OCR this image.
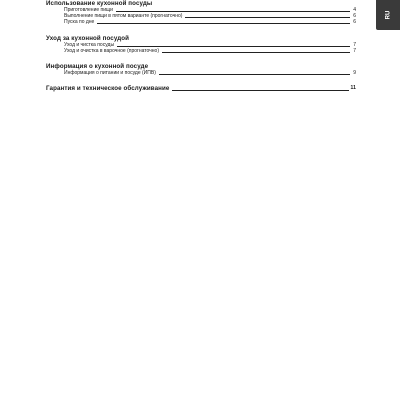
RU
Использование кухонной посуды
Приготовление пищи	4
Выполнение пищи в пятом варианте (прогнаточно)	6
Пуска по дне	6
Уход за кухонной посудой
Уход и чистка посуды	7
Уход и очистка в варочное (прогнаточно)	7
Информация о кухонной посуде
Информация о питании и посуде (ИПВ)	9
Гарантия и техническое обслуживание	11
